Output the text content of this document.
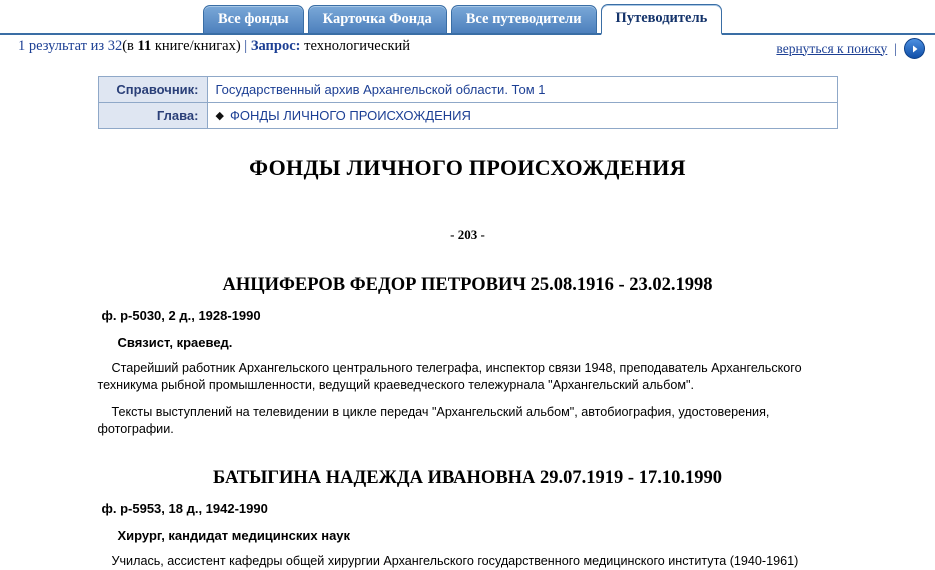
Все фонды	Карточка Фонда	Все путеводители	Путеводитель
1 результат из 32(в 11 книге/книгах) | Запрос: технологический	вернуться к поиску |
Справочник:	Государственный архив Архангельской области. Том 1
Глава:	◆ ФОНДЫ ЛИЧНОГО ПРОИСХОЖДЕНИЯ
ФОНДЫ ЛИЧНОГО ПРОИСХОЖДЕНИЯ
- 203 -
АНЦИФЕРОВ ФЕДОР ПЕТРОВИЧ 25.08.1916 - 23.02.1998
ф. р-5030, 2 д., 1928-1990
Связист, краевед.

Старейший работник Архангельского центрального телеграфа, инспектор связи 1948, преподаватель Архангельского техникума рыбной промышленности, ведущий краеведческого тележурнала "Архангельский альбом".

Тексты выступлений на телевидении в цикле передач "Архангельский альбом", автобиография, удостоверения, фотографии.

БАТЫГИНА НАДЕЖДА ИВАНОВНА 29.07.1919 - 17.10.1990
ф. р-5953, 18 д., 1942-1990
Хирург, кандидат медицинских наук

Училась, ассистент кафедры общей хирургии Архангельского государственного медицинского института (1940-1961)
